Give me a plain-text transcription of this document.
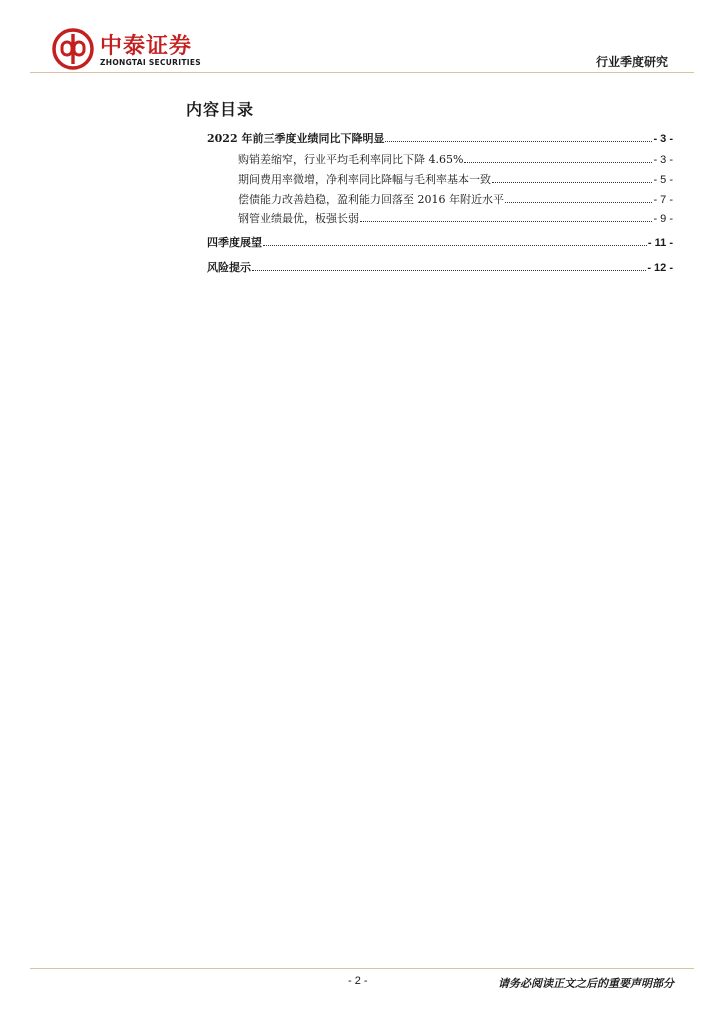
中泰证券
ZHONGTAI SECURITIES	行业季度研究
内容目录
2022 年前三季度业绩同比下降明显	- 3 -
购销差缩窄，行业平均毛利率同比下降 4.65%	- 3 -
期间费用率微增，净利率同比降幅与毛利率基本一致	- 5 -
偿债能力改善趋稳，盈利能力回落至 2016 年附近水平	- 7 -
钢管业绩最优，板强长弱	- 9 -
四季度展望	- 11 -
风险提示	- 12 -
- 2 -	请务必阅读正文之后的重要声明部分
